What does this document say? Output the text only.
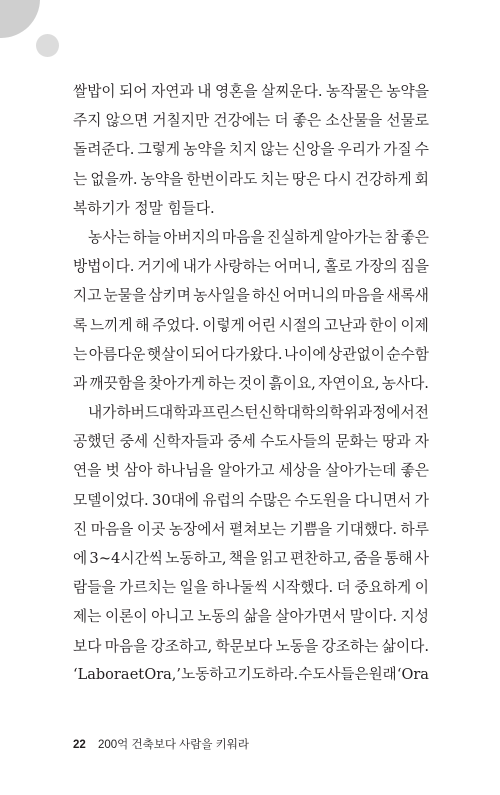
쌀밥이 되어 자연과 내 영혼을 살찌운다. 농작물은 농약을
주지 않으면 거칠지만 건강에는 더 좋은 소산물을 선물로
돌려준다. 그렇게 농약을 치지 않는 신앙을 우리가 가질 수
는 없을까. 농약을 한번이라도 치는 땅은 다시 건강하게 회
복하기가 정말 힘들다.
농사는 하늘 아버지의 마음을 진실하게 알아가는 참 좋은
방법이다. 거기에 내가 사랑하는 어머니, 홀로 가장의 짐을
지고 눈물을 삼키며 농사일을 하신 어머니의 마음을 새록새
록 느끼게 해 주었다. 이렇게 어린 시절의 고난과 한이 이제
는 아름다운 햇살이 되어 다가왔다. 나이에 상관없이 순수함
과 깨끗함을 찾아가게 하는 것이 흙이요, 자연이요, 농사다.
내가 하버드대학과 프린스턴신학대학의 학위과정에서 전
공했던 중세 신학자들과 중세 수도사들의 문화는 땅과 자
연을 벗 삼아 하나님을 알아가고 세상을 살아가는데 좋은
모델이었다. 30대에 유럽의 수많은 수도원을 다니면서 가
진 마음을 이곳 농장에서 펼쳐보는 기쁨을 기대했다. 하루
에 3~4시간씩 노동하고, 책을 읽고 편찬하고, 줌을 통해 사
람들을 가르치는 일을 하나둘씩 시작했다. 더 중요하게 이
제는 이론이 아니고 노동의 삶을 살아가면서 말이다. 지성
보다 마음을 강조하고, 학문보다 노동을 강조하는 삶이다.
‘Labora et Ora,’ 노동하고 기도하라. 수도사들은 원래 ‘Ora
22 200억 건축보다 사람을 키워라
